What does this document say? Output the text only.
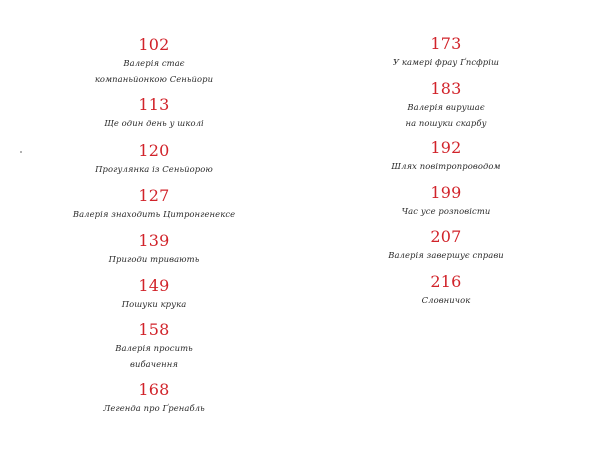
102
Валерія стає
компаньйонкою Сеньйори
113
Ще один день у школі
120
Прогулянка із Сеньйорою
127
Валерія знаходить Цитронгенексе
139
Пригоди тривають
149
Пошуки крука
158
Валерія просить
вибачення
168
Легенда про Ґренабль
173
У камері фрау Ґпсфріш
183
Валерія вирушає
на пошуки скарбу
192
Шлях повітропроводом
199
Час усе розповісти
207
Валерія завершує справи
216
Словничок
